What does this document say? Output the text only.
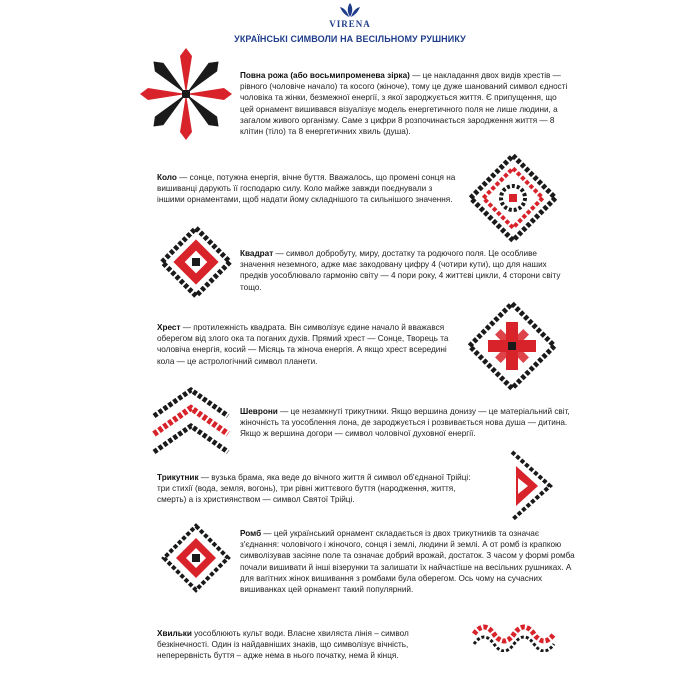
VIRENA
УКРАЇНСЬКІ СИМВОЛИ НА ВЕСІЛЬНОМУ РУШНИКУ

Повна рожа (або восьмипроменева зірка) — це накладання двох видів хрестів — рівного (чоловіче начало) та косого (жіноче), тому це дуже шанований символ єдності чоловіка та жінки, безмежної енергії, з якої зароджується життя. Є припущення, що цей орнамент вишивався візуалізує модель енергетичного поля не лише людини, а загалом живого організму. Саме з цифри 8 розпочинається зародження життя — 8 клітин (тіло) та 8 енергетичних хвиль (душа).

Коло — сонце, потужна енергія, вічне буття. Вважалось, що промені сонця на вишиванці дарують її господарю силу. Коло майже завжди поєднували з іншими орнаментами, щоб надати йому складнішого та сильнішого значення.

Квадрат — символ добробуту, миру, достатку та родючого поля. Це особливе значення неземного, адже має закодовану цифру 4 (чотири кути), що для наших предків уособлювало гармонію світу — 4 пори року, 4 життєві цикли, 4 сторони світу тощо.

Хрест — протилежність квадрата. Він символізує єдине начало й вважався оберегом від злого ока та поганих духів. Прямий хрест — Сонце, Творець та чоловіча енергія, косий — Місяць та жіноча енергія. А якщо хрест всередині кола — це астрологічний символ планети.

Шеврони — це незамкнуті трикутники. Якщо вершина донизу — це матеріальний світ, жіночність та уособлення лона, де зароджується і розвивається нова душа — дитина. Якщо ж вершина догори — символ чоловічої духовної енергії.

Трикутник — вузька брама, яка веде до вічного життя й символ об'єднаної Трійці: три стихії (вода, земля, вогонь), три рівні життєвого буття (народження, життя, смерть) а із християнством — символ Святої Трійці.

Ромб — цей український орнамент складається із двох трикутників та означає з'єднання: чоловічого і жіночого, сонця і землі, людини й землі. А от ромб із крапкою символізував засіяне поле та означає добрий врожай, достаток. З часом у формі ромба почали вишивати й інші візерунки та залишати їх найчастіше на весільних рушниках. А для вагітних жінок вишивання з ромбами була оберегом. Ось чому на сучасних вишиванках цей орнамент такий популярний.

Хвильки уособлюють культ води. Власне хвиляста лінія – символ безкінечності. Один із найдавніших знаків, що символізує вічність, неперервність буття – адже нема в нього початку, нема й кінця.
